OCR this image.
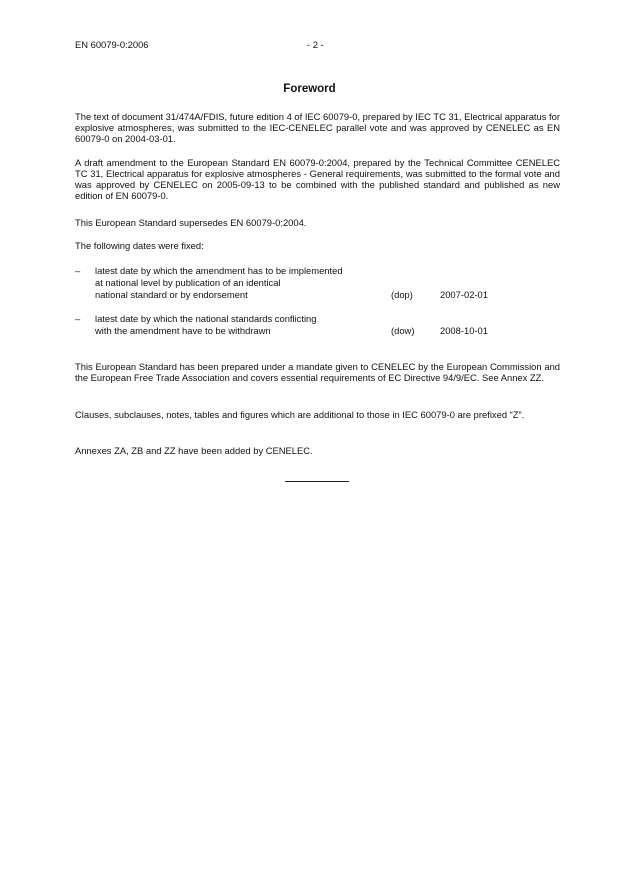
EN 60079-0:2006	- 2 -
Foreword
The text of document 31/474A/FDIS, future edition 4 of IEC 60079-0, prepared by IEC TC 31, Electrical apparatus for explosive atmospheres, was submitted to the IEC-CENELEC parallel vote and was approved by CENELEC as EN 60079-0 on 2004-03-01.
A draft amendment to the European Standard EN 60079-0:2004, prepared by the Technical Committee CENELEC TC 31, Electrical apparatus for explosive atmospheres - General requirements, was submitted to the formal vote and was approved by CENELEC on 2005-09-13 to be combined with the published standard and published as new edition of EN 60079-0.
This European Standard supersedes EN 60079-0:2004.
The following dates were fixed:
– latest date by which the amendment has to be implemented
at national level by publication of an identical
national standard or by endorsement	(dop)	2007-02-01
– latest date by which the national standards conflicting
with the amendment have to be withdrawn	(dow)	2008-10-01
This European Standard has been prepared under a mandate given to CENELEC by the European Commission and the European Free Trade Association and covers essential requirements of EC Directive 94/9/EC. See Annex ZZ.
Clauses, subclauses, notes, tables and figures which are additional to those in IEC 60079-0 are prefixed “Z”.
Annexes ZA, ZB and ZZ have been added by CENELEC.
